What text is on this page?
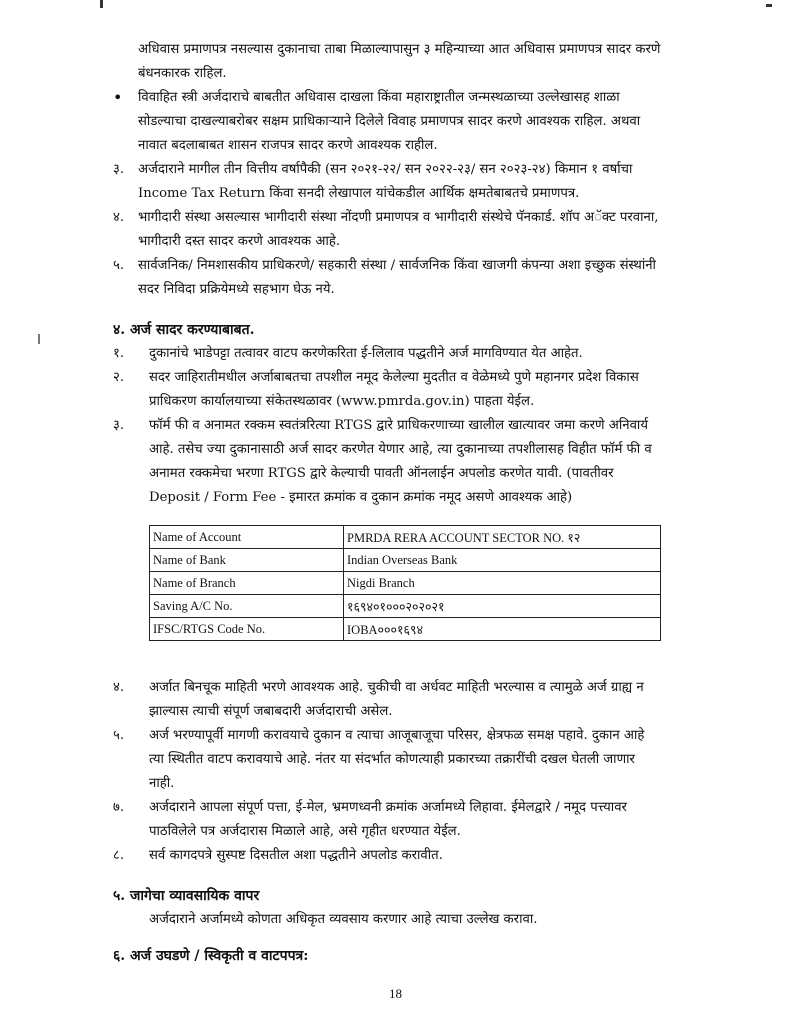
अधिवास प्रमाणपत्र नसल्यास दुकानाचा ताबा मिळाल्यापासुन ३ महिन्याच्या आत अधिवास प्रमाणपत्र सादर करणे बंधनकारक राहिल.
• विवाहित स्त्री अर्जदाराचे बाबतीत अधिवास दाखला किंवा महाराष्ट्रातील जन्मस्थळाच्या उल्लेखासह शाळा सोडल्याचा दाखल्याबरोबर सक्षम प्राधिकाऱ्याने दिलेले विवाह प्रमाणपत्र सादर करणे आवश्यक राहिल. अथवा नावात बदलाबाबत शासन राजपत्र सादर करणे आवश्यक राहील.
३. अर्जदाराने मागील तीन वित्तीय वर्षापैकी (सन २०२१-२२/ सन २०२२-२३/ सन २०२३-२४) किमान १ वर्षाचा Income Tax Return किंवा सनदी लेखापाल यांचेकडील आर्थिक क्षमतेबाबतचे प्रमाणपत्र.
४. भागीदारी संस्था असल्यास भागीदारी संस्था नोंदणी प्रमाणपत्र व भागीदारी संस्थेचे पॅनकार्ड. शॉप अॅक्ट परवाना, भागीदारी दस्त सादर करणे आवश्यक आहे.
५. सार्वजनिक/ निमशासकीय प्राधिकरणे/ सहकारी संस्था / सार्वजनिक किंवा खाजगी कंपन्या अशा इच्छुक संस्थांनी सदर निविदा प्रक्रियेमध्ये सहभाग घेऊ नये.
४. अर्ज सादर करण्याबाबत.
१. दुकानांचे भाडेपट्टा तत्वावर वाटप करणेकरिता ई-लिलाव पद्धतीने अर्ज मागविण्यात येत आहेत.
२. सदर जाहिरातीमधील अर्जाबाबतचा तपशील नमूद केलेल्या मुदतीत व वेळेमध्ये पुणे महानगर प्रदेश विकास प्राधिकरण कार्यालयाच्या संकेतस्थळावर (www.pmrda.gov.in) पाहता येईल.
३. फॉर्म फी व अनामत रक्कम स्वतंत्ररित्या RTGS द्वारे प्राधिकरणाच्या खालील खात्यावर जमा करणे अनिवार्य आहे. तसेच ज्या दुकानासाठी अर्ज सादर करणेत येणार आहे, त्या दुकानाच्या तपशीलासह विहीत फॉर्म फी व अनामत रक्कमेचा भरणा RTGS द्वारे केल्याची पावती ऑनलाईन अपलोड करणेत यावी. (पावतीवर Deposit / Form Fee - इमारत क्रमांक व दुकान क्रमांक नमूद असणे आवश्यक आहे)
Name of Account	PMRDA RERA ACCOUNT SECTOR NO. १२
Name of Bank	Indian Overseas Bank
Name of Branch	Nigdi Branch
Saving A/C No.	१६९४०१०००२०२०२१
IFSC/RTGS Code No.	IOBA०००१६९४
४. अर्जात बिनचूक माहिती भरणे आवश्यक आहे. चुकीची वा अर्धवट माहिती भरल्यास व त्यामुळे अर्ज ग्राह्य न झाल्यास त्याची संपूर्ण जबाबदारी अर्जदाराची असेल.
५. अर्ज भरण्यापूर्वी मागणी करावयाचे दुकान व त्याचा आजूबाजूचा परिसर, क्षेत्रफळ समक्ष पहावे. दुकान आहे त्या स्थितीत वाटप करावयाचे आहे. नंतर या संदर्भात कोणत्याही प्रकारच्या तक्रारींची दखल घेतली जाणार नाही.
७. अर्जदाराने आपला संपूर्ण पत्ता, ई-मेल, भ्रमणध्वनी क्रमांक अर्जामध्ये लिहावा. ईमेलद्वारे / नमूद पत्त्यावर पाठविलेले पत्र अर्जदारास मिळाले आहे, असे गृहीत धरण्यात येईल.
८. सर्व कागदपत्रे सुस्पष्ट दिसतील अशा पद्धतीने अपलोड करावीत.
५. जागेचा व्यावसायिक वापर
अर्जदाराने अर्जामध्ये कोणता अधिकृत व्यवसाय करणार आहे त्याचा उल्लेख करावा.
६. अर्ज उघडणे / स्विकृती व वाटपपत्र:
18
